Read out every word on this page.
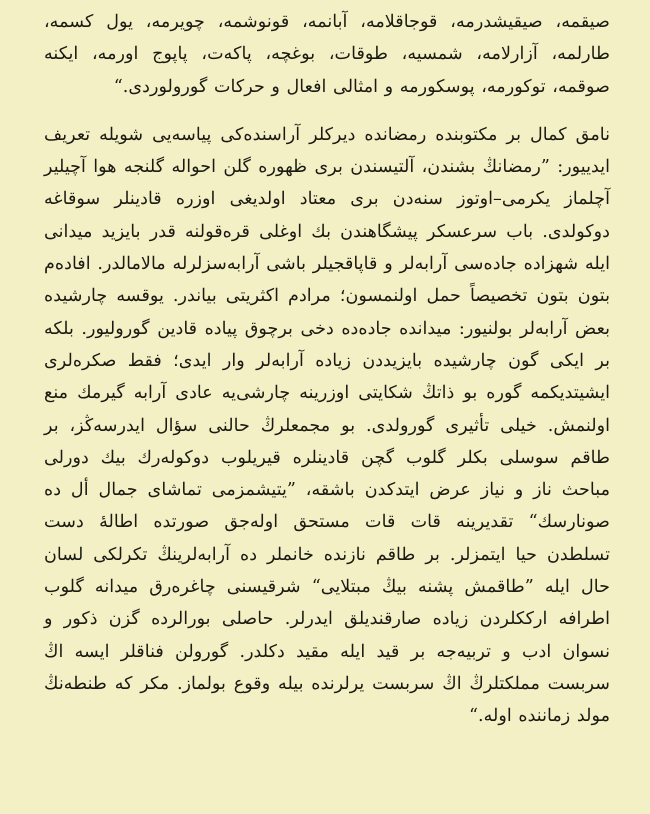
صیقمه، صیقیشدرمه، قوجاقلامه، آبانمه، قونوشمه، چویرمه، یول کسمه، طارلمه، آزارلامه، شمسیه، طوقات، بوغچه، پاکەت، پاپوج اورمه، ایکنه صوقمه، توکورمه، پوسکورمه و امثالی افعال و حرکات گورولوردی.“

نامق کمال بر مکتوبنده رمضانده دیرکلر آراسندەکی پیاسەیی شویله تعریف ایدییور: ”رمضانڭ بشندن، آلتیسندن بری ظهوره گلن احواله گلنجه هوا آچیلیر آچلماز یکرمی–اوتوز سنەدن بری معتاد اولدیغی اوزره قادینلر سوقاغه دوکولدی. باب سرعسکر پیشگاهندن بك اوغلی قرەقولنه قدر بایزید میدانی ایله شهزاده جادەسی آرابەلر و قاپاقجیلر باشی آرابەسزلرله مالامالدر. افادەم بتون بتون تخصیصاً حمل اولنمسون؛ مرادم اکثریتی بیاندر. یوقسه چارشیده بعض آرابەلر بولنیور: میدانده جادەده دخی برچوق پیاده قادین گورولیور. بلکه بر ایکی گون چارشیده بایزیددن زیاده آرابەلر وار ایدی؛ فقط صکرەلری ایشیتدیکمه گوره بو ذاتڭ شکایتی اوزرینه چارشی‌یه عادی آرابه گیرمك منع اولنمش. خیلی تأثیری گورولدی. بو مجمعلرڭ حالنی سؤال ایدرسەڭز، بر طاقم سوسلی بکلر گلوب گچن قادینلره قیریلوب دوکولەرك بیك دورلی مباحث ناز و نیاز عرض ایتدکدن باشقه، ”یتیشمزمی تماشای جمال أل ده صونارسك“ تقدیرینه قات قات مستحق اولەجق صورتده اطالۀ دست تسلطدن حیا ایتمزلر. بر طاقم نازنده خانملر ده آرابەلرینڭ تکرلکی لسان حال ایله ”طاقمش پشنه بیڭ مبتلایی“ شرقیسنی چاغرەرق میدانه گلوب اطرافه ارککلردن زیاده صارقندیلق ایدرلر. حاصلی بورالرده گزن ذکور و نسوان ادب و تربیەجه بر قید ایله مقید دکلدر. گورولن فناقلر ایسه اڭ سربست مملکتلرڭ اڭ سربست یرلرنده بیله وقوع بولماز. مکر که طنطەنڭ مولد زماننده اوله.“
